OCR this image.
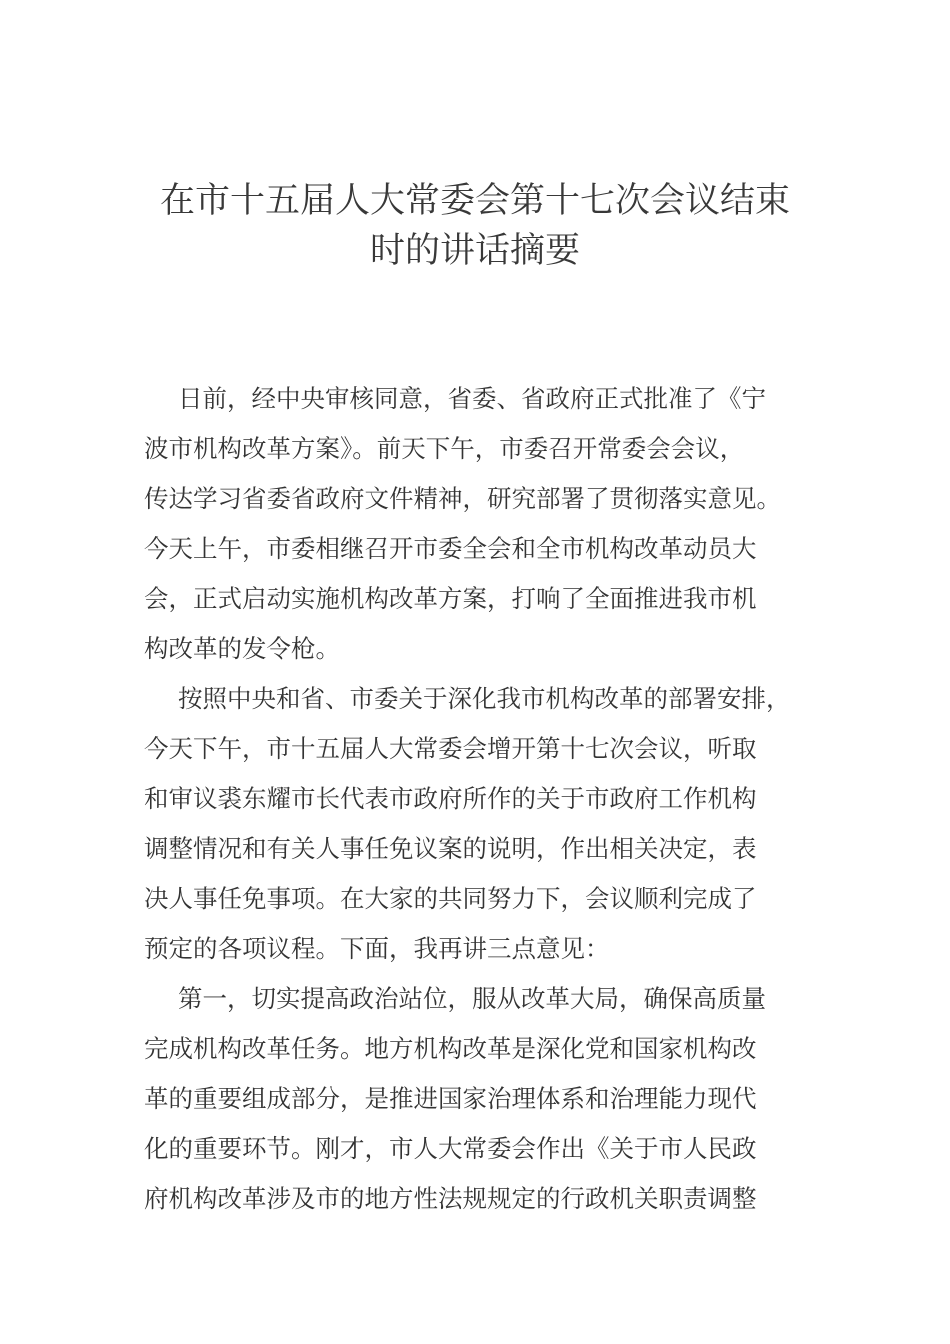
在市十五届人大常委会第十七次会议结束
时的讲话摘要
日前，经中央审核同意，省委、省政府正式批准了《宁
波市机构改革方案》。前天下午，市委召开常委会会议，
传达学习省委省政府文件精神，研究部署了贯彻落实意见。
今天上午，市委相继召开市委全会和全市机构改革动员大
会，正式启动实施机构改革方案，打响了全面推进我市机
构改革的发令枪。
按照中央和省、市委关于深化我市机构改革的部署安排，
今天下午，市十五届人大常委会增开第十七次会议，听取
和审议裘东耀市长代表市政府所作的关于市政府工作机构
调整情况和有关人事任免议案的说明，作出相关决定，表
决人事任免事项。在大家的共同努力下，会议顺利完成了
预定的各项议程。下面，我再讲三点意见：
第一，切实提高政治站位，服从改革大局，确保高质量
完成机构改革任务。地方机构改革是深化党和国家机构改
革的重要组成部分，是推进国家治理体系和治理能力现代
化的重要环节。刚才，市人大常委会作出《关于市人民政
府机构改革涉及市的地方性法规规定的行政机关职责调整
